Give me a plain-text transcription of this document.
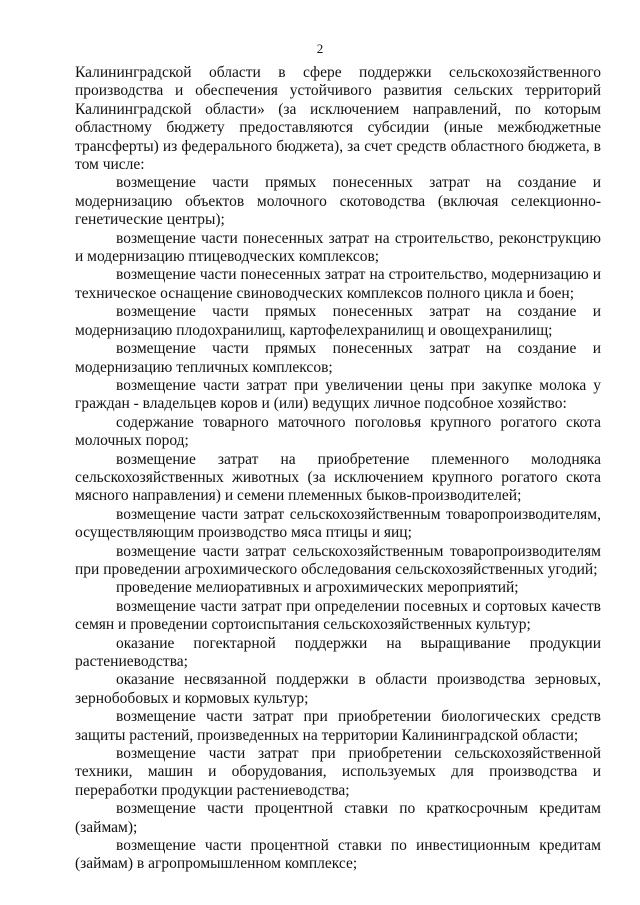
2

Калининградской области в сфере поддержки сельскохозяйственного производства и обеспечения устойчивого развития сельских территорий Калининградской области» (за исключением направлений, по которым областному бюджету предоставляются субсидии (иные межбюджетные трансферты) из федерального бюджета), за счет средств областного бюджета, в том числе:

возмещение части прямых понесенных затрат на создание и модернизацию объектов молочного скотоводства (включая селекционно-генетические центры);

возмещение части понесенных затрат на строительство, реконструкцию и модернизацию птицеводческих комплексов;

возмещение части понесенных затрат на строительство, модернизацию и техническое оснащение свиноводческих комплексов полного цикла и боен;

возмещение части прямых понесенных затрат на создание и модернизацию плодохранилищ, картофелехранилищ и овощехранилищ;

возмещение части прямых понесенных затрат на создание и модернизацию тепличных комплексов;

возмещение части затрат при увеличении цены при закупке молока у граждан - владельцев коров и (или) ведущих личное подсобное хозяйство:

содержание товарного маточного поголовья крупного рогатого скота молочных пород;

возмещение затрат на приобретение племенного молодняка сельскохозяйственных животных (за исключением крупного рогатого скота мясного направления) и семени племенных быков-производителей;

возмещение части затрат сельскохозяйственным товаропроизводителям, осуществляющим производство мяса птицы и яиц;

возмещение части затрат сельскохозяйственным товаропроизводителям при проведении агрохимического обследования сельскохозяйственных угодий;

проведение мелиоративных и агрохимических мероприятий;

возмещение части затрат при определении посевных и сортовых качеств семян и проведении сортоиспытания сельскохозяйственных культур;

оказание погектарной поддержки на выращивание продукции растениеводства;

оказание несвязанной поддержки в области производства зерновых, зернобобовых и кормовых культур;

возмещение части затрат при приобретении биологических средств защиты растений, произведенных на территории Калининградской области;

возмещение части затрат при приобретении сельскохозяйственной техники, машин и оборудования, используемых для производства и переработки продукции растениеводства;

возмещение части процентной ставки по краткосрочным кредитам (займам);

возмещение части процентной ставки по инвестиционным кредитам (займам) в агропромышленном комплексе;
